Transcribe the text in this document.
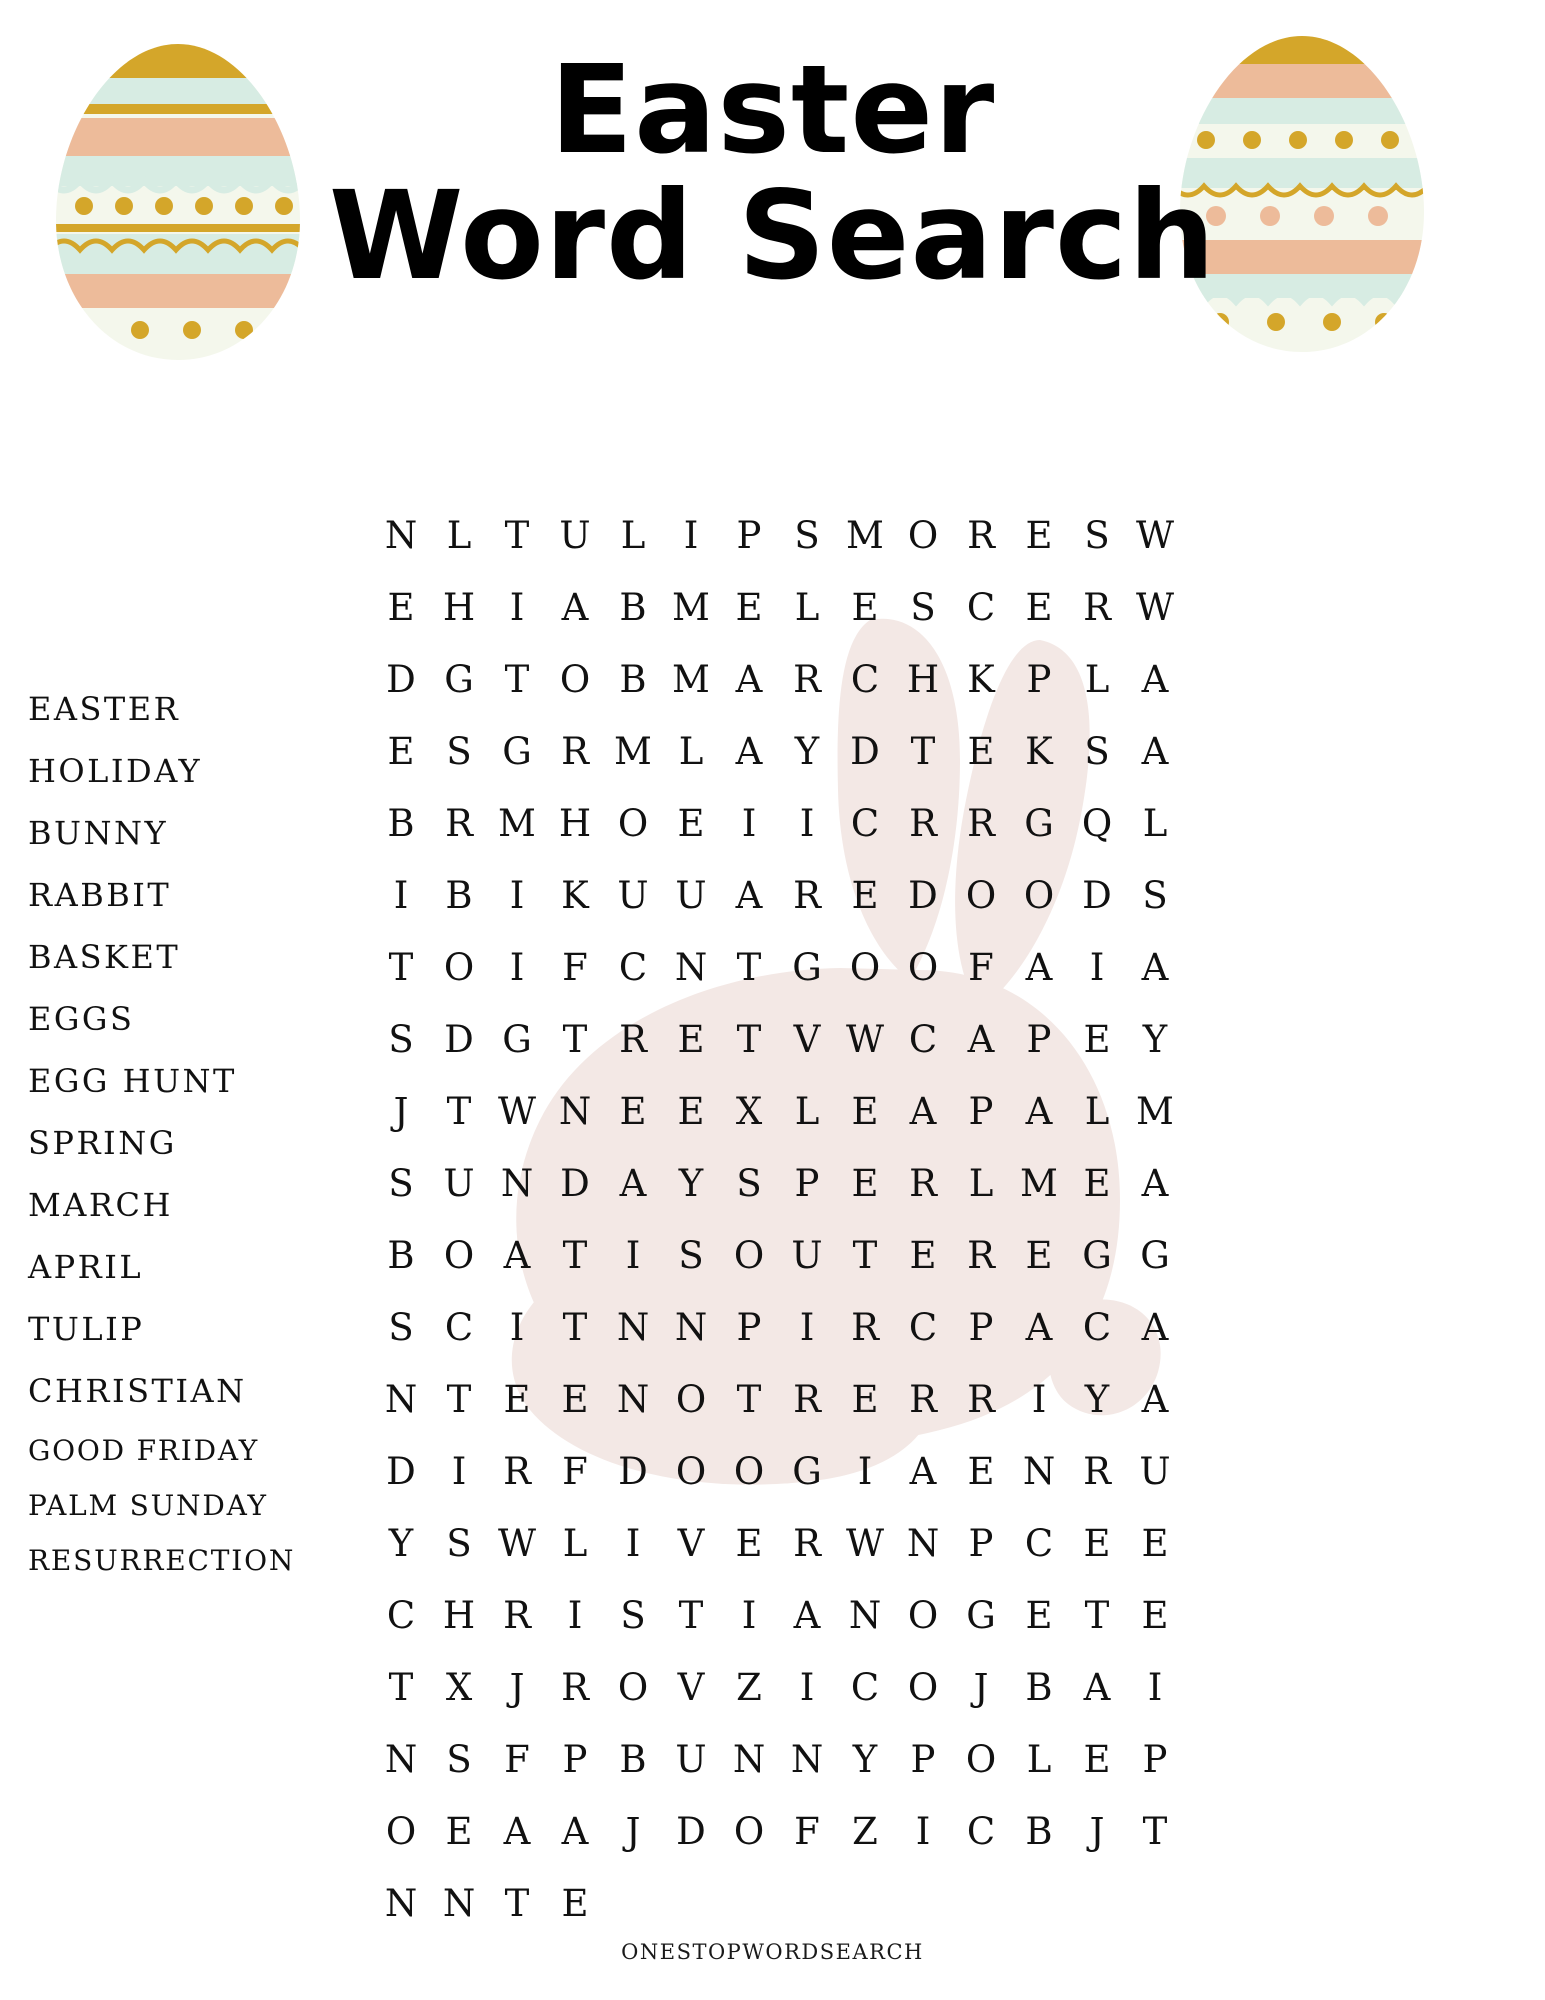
Easter
Word Search
EASTER
HOLIDAY
BUNNY
RABBIT
BASKET
EGGS
EGG HUNT
SPRING
MARCH
APRIL
TULIP
CHRISTIAN
GOOD FRIDAY
PALM SUNDAY
RESURRECTION
N L T U L	I	P S M O R E S W
E H I	A B M E L E S C E R W
D G T O B M A R C H K P L A
E S G R M L A Y D T E K S A
B R M H O E	I	I C R R G Q L
I	B	I K U U A R E D O O D S
T O I	F C N T G O O F A	I	A
S D G T R E T V W C A P E Y
J	T W N E E X L E A P A L M
S U N D A Y S P E R L M E A
B O A T	I	S O U T E R E G G
S C I	T N N P	I R C P A C A
N T E E N O T R E R R I	Y A
D I R F D O O G I	A E N R U
Y S W L	I	V E R W N P C E E
C H R I	S T	I	A N O G E T E
T X	J R O V Z	I C O J B A	I
N S F P B U N N Y P O L E P
O E A A	J D O F Z	I C B J	T
N N T E
ONESTOPWORDSEARCH
